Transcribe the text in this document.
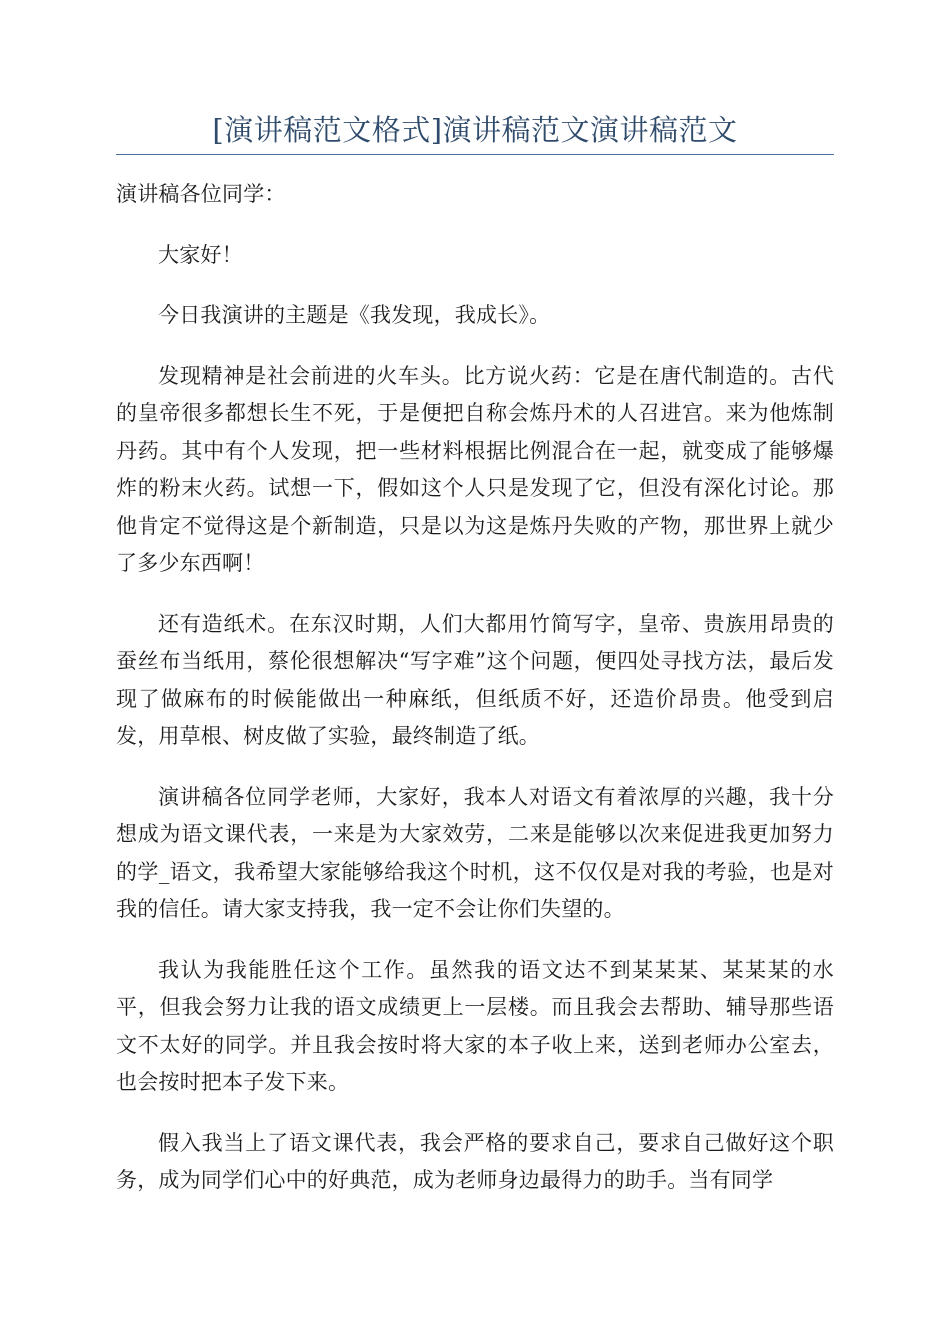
[演讲稿范文格式]演讲稿范文演讲稿范文

演讲稿各位同学：

大家好！

今日我演讲的主题是《我发现，我成长》。

发现精神是社会前进的火车头。比方说火药：它是在唐代制造的。古代的皇帝很多都想长生不死，于是便把自称会炼丹术的人召进宫。来为他炼制丹药。其中有个人发现，把一些材料根据比例混合在一起，就变成了能够爆炸的粉末火药。试想一下，假如这个人只是发现了它，但没有深化讨论。那他肯定不觉得这是个新制造，只是以为这是炼丹失败的产物，那世界上就少了多少东西啊！

还有造纸术。在东汉时期，人们大都用竹简写字，皇帝、贵族用昂贵的蚕丝布当纸用，蔡伦很想解决“写字难”这个问题，便四处寻找方法，最后发现了做麻布的时候能做出一种麻纸，但纸质不好，还造价昂贵。他受到启发，用草根、树皮做了实验，最终制造了纸。

演讲稿各位同学老师，大家好，我本人对语文有着浓厚的兴趣，我十分想成为语文课代表，一来是为大家效劳，二来是能够以次来促进我更加努力的学_语文，我希望大家能够给我这个时机，这不仅仅是对我的考验，也是对我的信任。请大家支持我，我一定不会让你们失望的。

我认为我能胜任这个工作。虽然我的语文达不到某某某、某某某的水平，但我会努力让我的语文成绩更上一层楼。而且我会去帮助、辅导那些语文不太好的同学。并且我会按时将大家的本子收上来，送到老师办公室去，也会按时把本子发下来。

假入我当上了语文课代表，我会严格的要求自己，要求自己做好这个职务，成为同学们心中的好典范，成为老师身边最得力的助手。当有同学
